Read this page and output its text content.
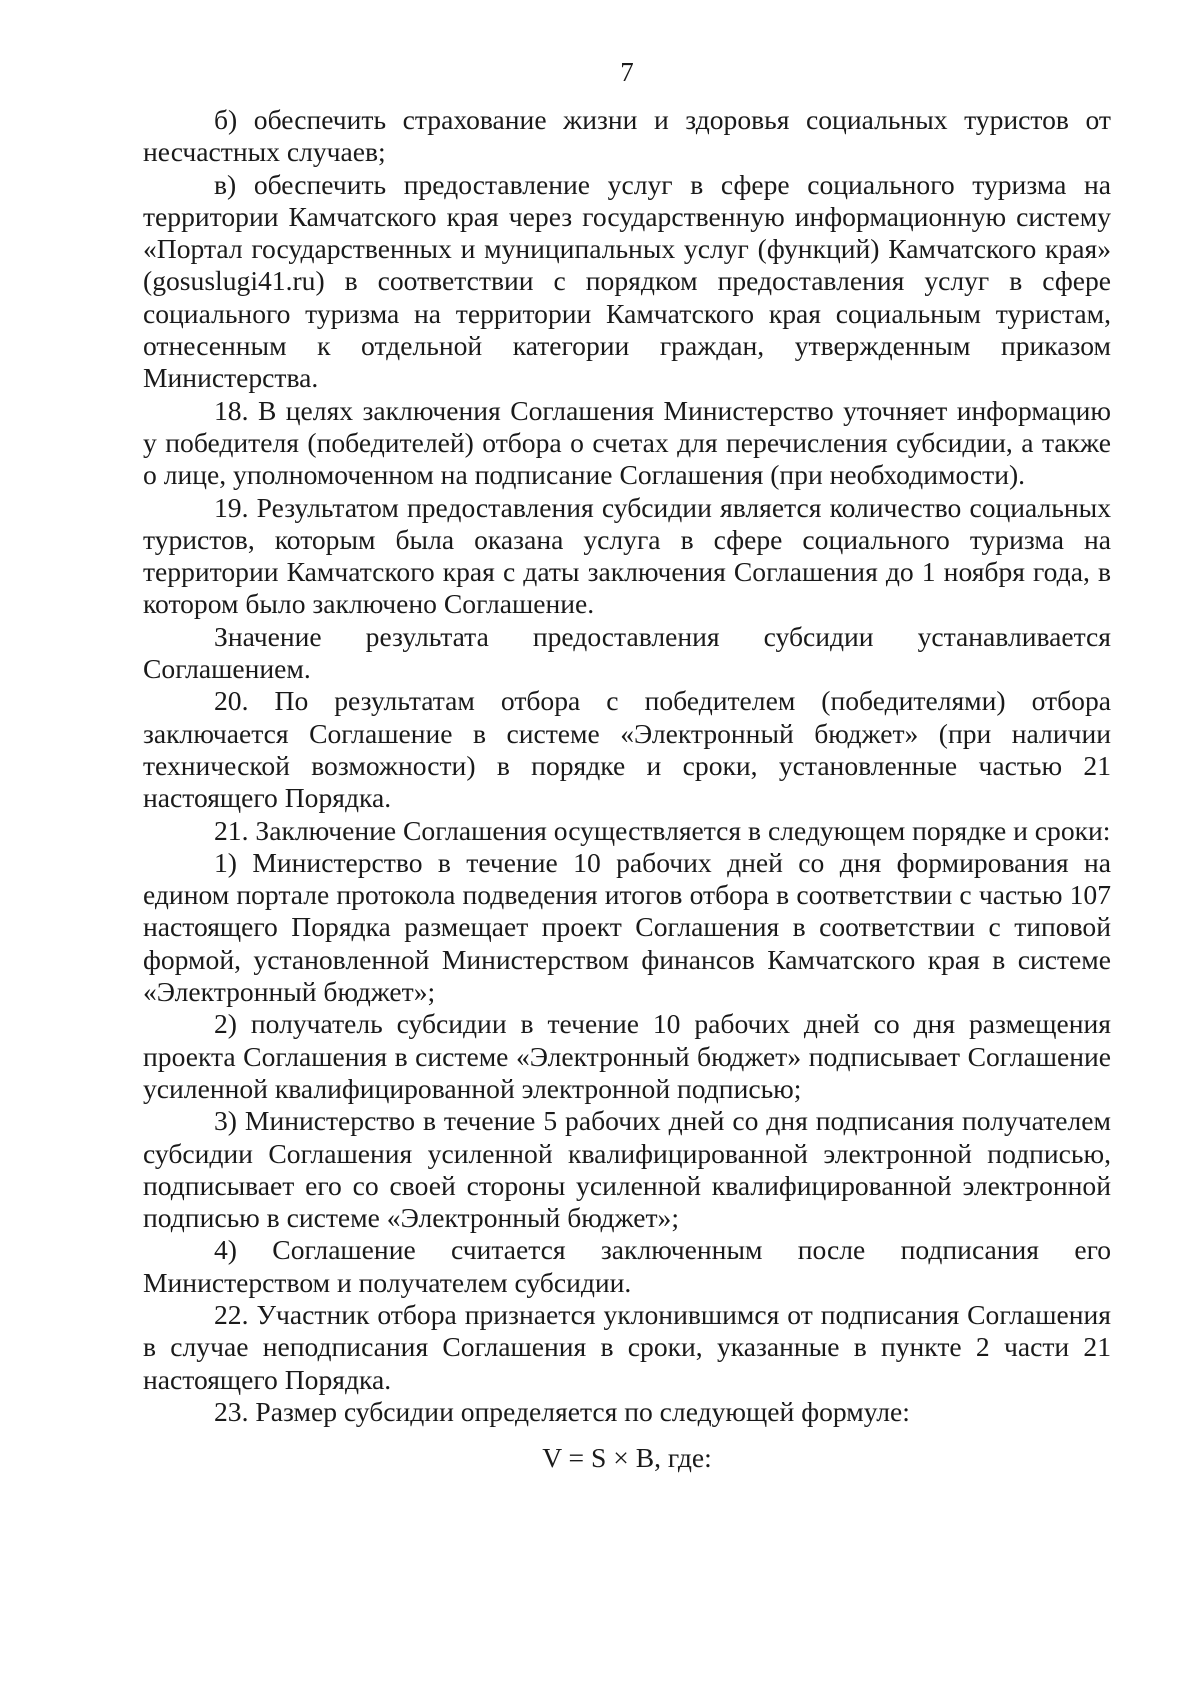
7

б) обеспечить страхование жизни и здоровья социальных туристов от несчастных случаев;

в) обеспечить предоставление услуг в сфере социального туризма на территории Камчатского края через государственную информационную систему «Портал государственных и муниципальных услуг (функций) Камчатского края» (gosuslugi41.ru) в соответствии с порядком предоставления услуг в сфере социального туризма на территории Камчатского края социальным туристам, отнесенным к отдельной категории граждан, утвержденным приказом Министерства.

18. В целях заключения Соглашения Министерство уточняет информацию у победителя (победителей) отбора о счетах для перечисления субсидии, а также о лице, уполномоченном на подписание Соглашения (при необходимости).

19. Результатом предоставления субсидии является количество социальных туристов, которым была оказана услуга в сфере социального туризма на территории Камчатского края с даты заключения Соглашения до 1 ноября года, в котором было заключено Соглашение.

Значение результата предоставления субсидии устанавливается Соглашением.

20. По результатам отбора с победителем (победителями) отбора заключается Соглашение в системе «Электронный бюджет» (при наличии технической возможности) в порядке и сроки, установленные частью 21 настоящего Порядка.

21. Заключение Соглашения осуществляется в следующем порядке и сроки:

1) Министерство в течение 10 рабочих дней со дня формирования на едином портале протокола подведения итогов отбора в соответствии с частью 107 настоящего Порядка размещает проект Соглашения в соответствии с типовой формой, установленной Министерством финансов Камчатского края в системе «Электронный бюджет»;

2) получатель субсидии в течение 10 рабочих дней со дня размещения проекта Соглашения в системе «Электронный бюджет» подписывает Соглашение усиленной квалифицированной электронной подписью;

3) Министерство в течение 5 рабочих дней со дня подписания получателем субсидии Соглашения усиленной квалифицированной электронной подписью, подписывает его со своей стороны усиленной квалифицированной электронной подписью в системе «Электронный бюджет»;

4) Соглашение считается заключенным после подписания его Министерством и получателем субсидии.

22. Участник отбора признается уклонившимся от подписания Соглашения в случае неподписания Соглашения в сроки, указанные в пункте 2 части 21 настоящего Порядка.

23. Размер субсидии определяется по следующей формуле:

V = S × B, где:
